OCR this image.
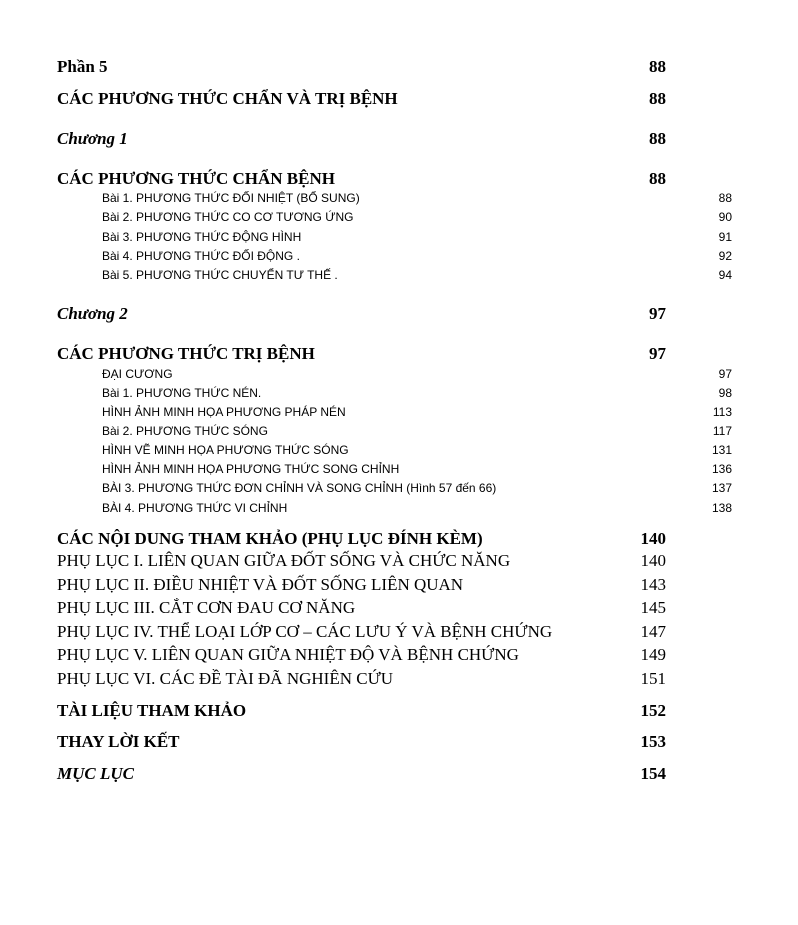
Phần 5	88
CÁC PHƯƠNG THỨC CHẨN VÀ TRỊ BỆNH	88
Chương 1	88
CÁC PHƯƠNG THỨC CHẨN BỆNH	88
Bài 1. PHƯƠNG THỨC ĐỐI NHIỆT (BỔ SUNG)	88
Bài 2. PHƯƠNG THỨC CO CƠ TƯƠNG ỨNG	90
Bài 3. PHƯƠNG THỨC ĐỘNG HÌNH	91
Bài 4. PHƯƠNG THỨC ĐỐI ĐỘNG .	92
Bài 5. PHƯƠNG THỨC CHUYỂN TƯ THẾ .	94
Chương 2	97
CÁC PHƯƠNG THỨC TRỊ BỆNH	97
ĐẠI CƯƠNG	97
Bài 1. PHƯƠNG THỨC NÉN.	98
HÌNH ẢNH MINH HỌA PHƯƠNG PHÁP NÉN	113
Bài 2. PHƯƠNG THỨC SÓNG	117
HÌNH VẼ MINH HỌA PHƯƠNG THỨC SÓNG	131
HÌNH ẢNH MINH HỌA PHƯƠNG THỨC SONG CHỈNH	136
BÀI 3. PHƯƠNG THỨC ĐƠN CHỈNH VÀ SONG CHỈNH (Hình 57 đến 66)	137
BÀI 4. PHƯƠNG THỨC VI CHỈNH	138
CÁC NỘI DUNG THAM KHẢO (PHỤ LỤC ĐÍNH KÈM)	140
PHỤ LỤC I. LIÊN QUAN GIỮA ĐỐT SỐNG VÀ CHỨC NĂNG	140
PHỤ LỤC II. ĐIỀU NHIỆT VÀ ĐỐT SỐNG LIÊN QUAN	143
PHỤ LỤC III. CẮT CƠN ĐAU CƠ NĂNG	145
PHỤ LỤC IV. THỂ LOẠI LỚP CƠ – CÁC LƯU Ý VÀ BỆNH CHỨNG	147
PHỤ LỤC V. LIÊN QUAN GIỮA NHIỆT ĐỘ VÀ BỆNH CHỨNG	149
PHỤ LỤC VI. CÁC ĐỀ TÀI ĐÃ NGHIÊN CỨU	151
TÀI LIỆU THAM KHẢO	152
THAY LỜI KẾT	153
MỤC LỤC	154
